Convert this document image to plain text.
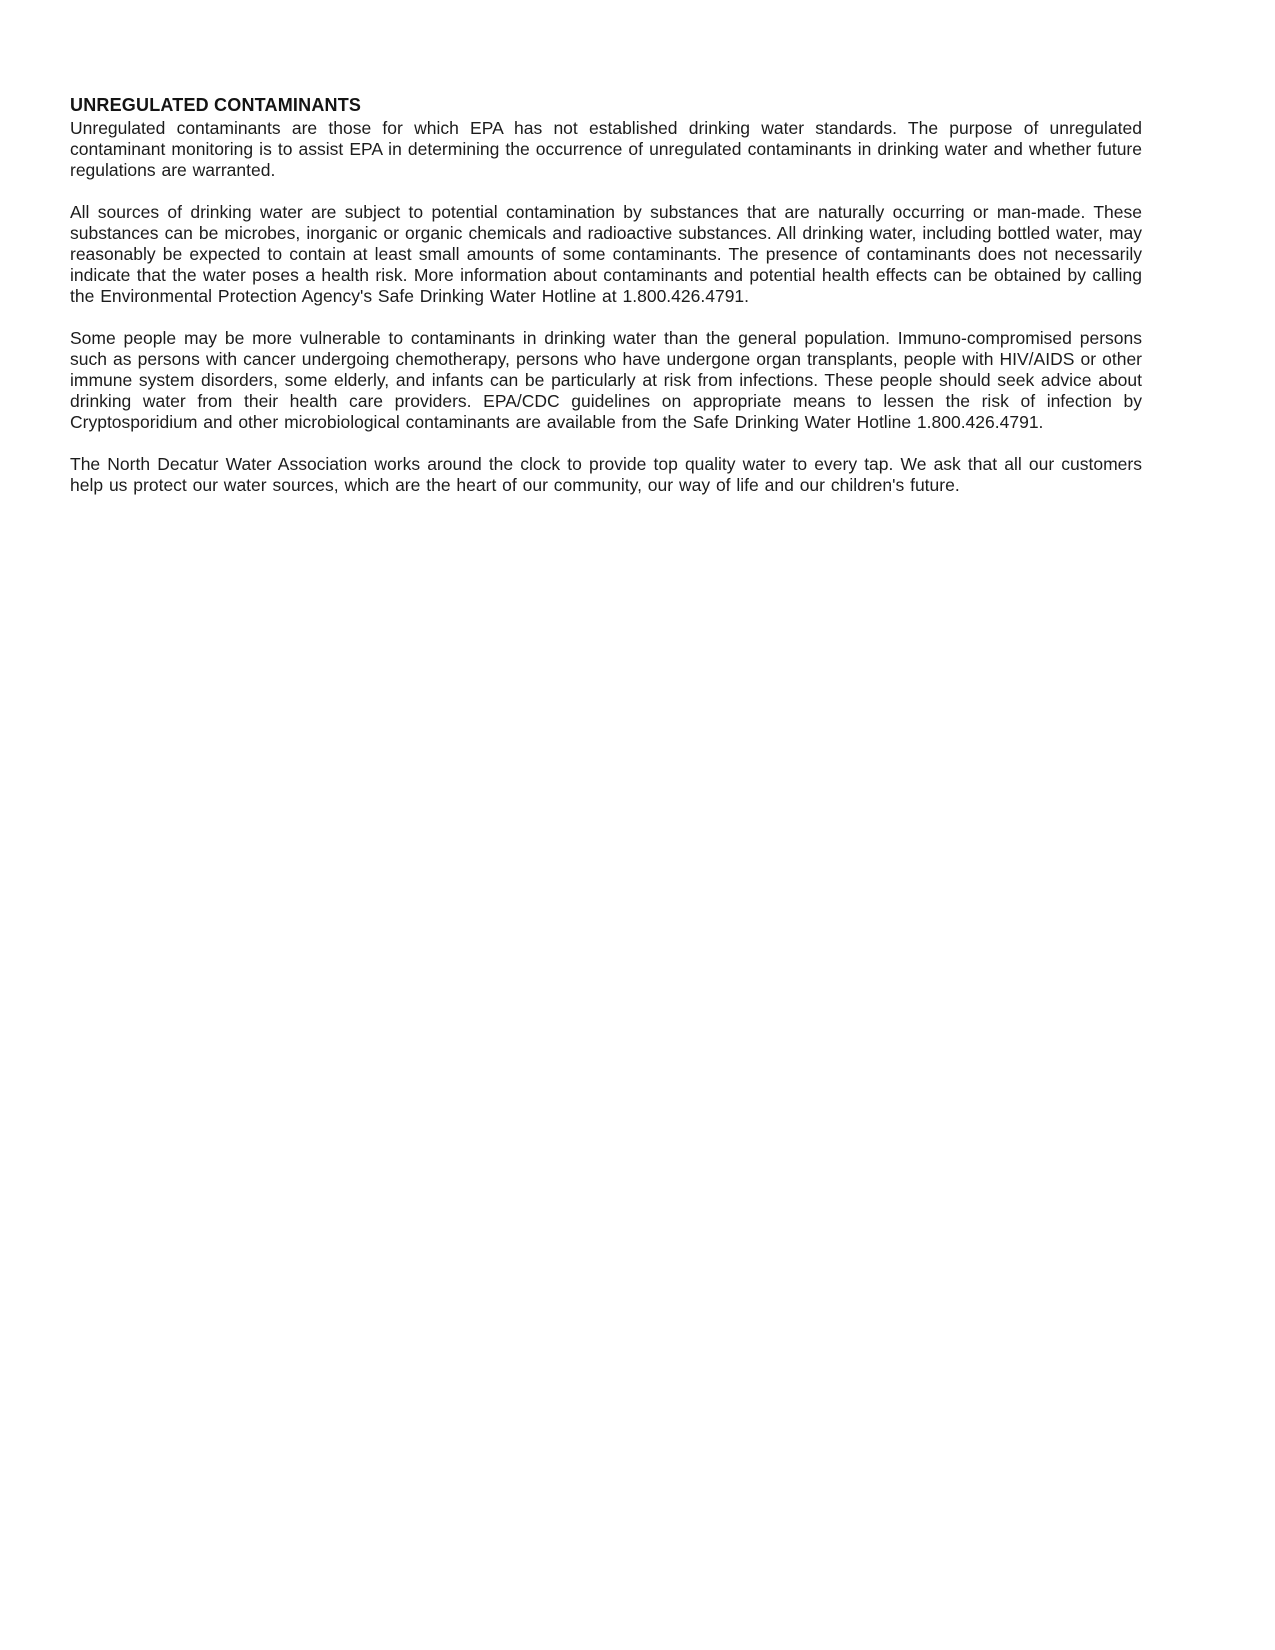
UNREGULATED CONTAMINANTS

Unregulated contaminants are those for which EPA has not established drinking water standards. The purpose of unregulated contaminant monitoring is to assist EPA in determining the occurrence of unregulated contaminants in drinking water and whether future regulations are warranted.

All sources of drinking water are subject to potential contamination by substances that are naturally occurring or man-made. These substances can be microbes, inorganic or organic chemicals and radioactive substances. All drinking water, including bottled water, may reasonably be expected to contain at least small amounts of some contaminants. The presence of contaminants does not necessarily indicate that the water poses a health risk. More information about contaminants and potential health effects can be obtained by calling the Environmental Protection Agency's Safe Drinking Water Hotline at 1.800.426.4791.

Some people may be more vulnerable to contaminants in drinking water than the general population. Immuno-compromised persons such as persons with cancer undergoing chemotherapy, persons who have undergone organ transplants, people with HIV/AIDS or other immune system disorders, some elderly, and infants can be particularly at risk from infections. These people should seek advice about drinking water from their health care providers. EPA/CDC guidelines on appropriate means to lessen the risk of infection by Cryptosporidium and other microbiological contaminants are available from the Safe Drinking Water Hotline 1.800.426.4791.

The North Decatur Water Association works around the clock to provide top quality water to every tap. We ask that all our customers help us protect our water sources, which are the heart of our community, our way of life and our children's future.
